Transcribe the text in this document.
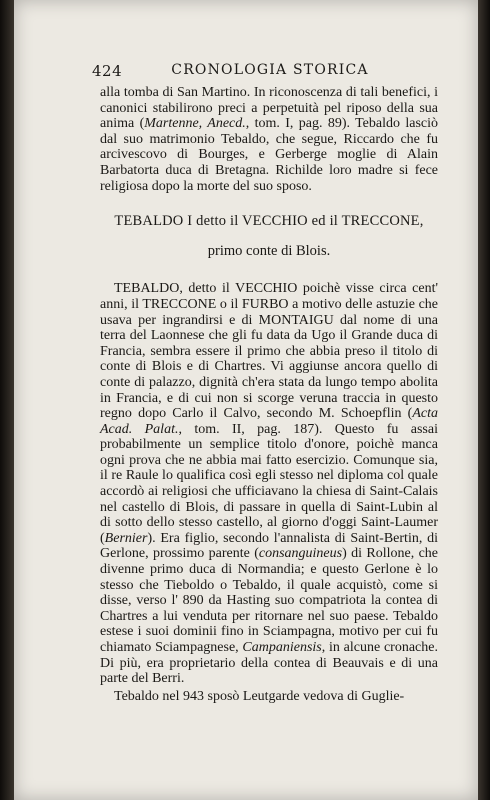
424	CRONOLOGIA STORICA

alla tomba di San Martino. In riconoscenza di tali benefici, i canonici stabilirono preci a perpetuità pel riposo della sua anima (Martenne, Anecd., tom. I, pag. 89). Tebaldo lasciò dal suo matrimonio Tebaldo, che segue, Riccardo che fu arcivescovo di Bourges, e Gerberge moglie di Alain Barbatorta duca di Bretagna. Richilde loro madre si fece religiosa dopo la morte del suo sposo.

TEBALDO I detto il VECCHIO ed il TRECCONE,

primo conte di Blois.

TEBALDO, detto il VECCHIO poichè visse circa cent' anni, il TRECCONE o il FURBO a motivo delle astuzie che usava per ingrandirsi e di MONTAIGU dal nome di una terra del Laonnese che gli fu data da Ugo il Grande duca di Francia, sembra essere il primo che abbia preso il titolo di conte di Blois e di Chartres. Vi aggiunse ancora quello di conte di palazzo, dignità ch'era stata da lungo tempo abolita in Francia, e di cui non si scorge veruna traccia in questo regno dopo Carlo il Calvo, secondo M. Schoepflin (Acta Acad. Palat., tom. II, pag. 187). Questo fu assai probabilmente un semplice titolo d'onore, poichè manca ogni prova che ne abbia mai fatto esercizio. Comunque sia, il re Raule lo qualifica così egli stesso nel diploma col quale accordò ai religiosi che ufficiavano la chiesa di Saint-Calais nel castello di Blois, di passare in quella di Saint-Lubin al di sotto dello stesso castello, al giorno d'oggi Saint-Laumer (Bernier). Era figlio, secondo l'annalista di Saint-Bertin, di Gerlone, prossimo parente (consanguineus) di Rollone, che divenne primo duca di Normandia; e questo Gerlone è lo stesso che Tieboldo o Tebaldo, il quale acquistò, come si disse, verso l' 890 da Hasting suo compatriota la contea di Chartres a lui venduta per ritornare nel suo paese. Tebaldo estese i suoi dominii fino in Sciampagna, motivo per cui fu chiamato Sciampagnese, Campaniensis, in alcune cronache. Di più, era proprietario della contea di Beauvais e di una parte del Berri.

Tebaldo nel 943 sposò Leutgarde vedova di Guglie-
